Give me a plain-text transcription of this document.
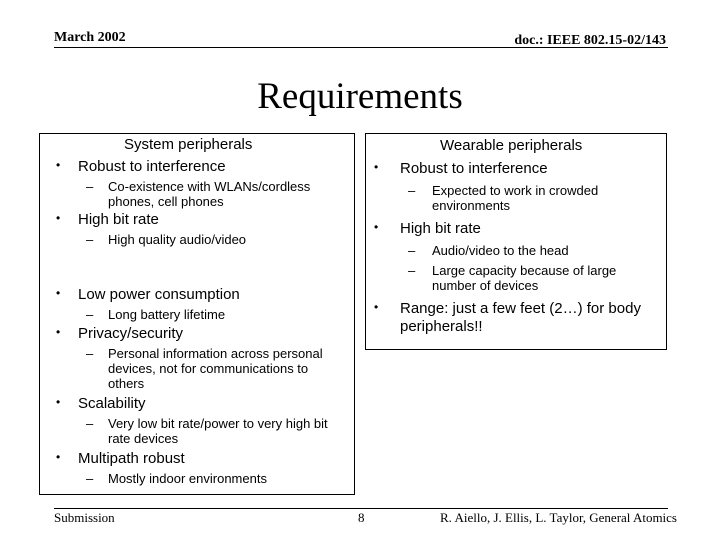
March 2002	doc.: IEEE 802.15-02/143
Requirements
System peripherals
• Robust to interference
– Co-existence with WLANs/cordless
phones, cell phones
• High bit rate
– High quality audio/video
• Low power consumption
– Long battery lifetime
• Privacy/security
– Personal information across personal
devices, not for communications to
others
• Scalability
– Very low bit rate/power to very high bit
rate devices
• Multipath robust
– Mostly indoor environments
Wearable peripherals
• Robust to interference
– Expected to work in crowded
environments
• High bit rate
– Audio/video to the head
– Large capacity because of large
number of devices
• Range: just a few feet (2…) for body
peripherals!!
Submission	8	R. Aiello, J. Ellis, L. Taylor, General Atomics
